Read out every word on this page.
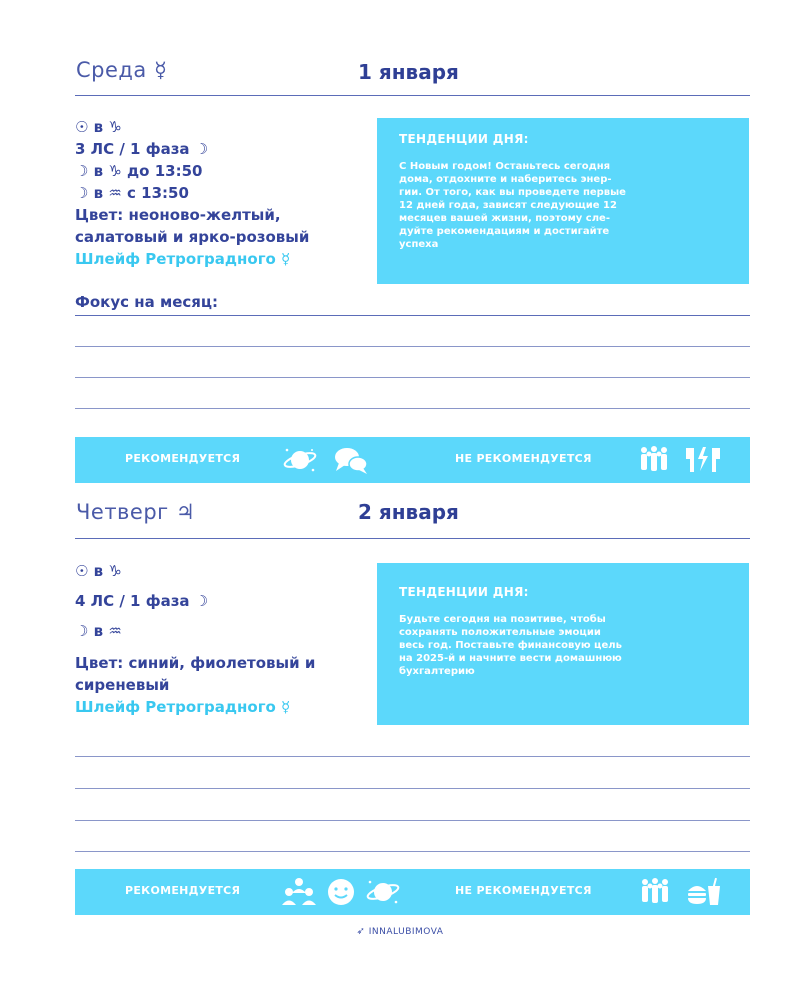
Среда ☿	1 января
☉ в ♑
3 ЛС / 1 фаза ☽
☽ в ♑ до 13:50
☽ в ♒ с 13:50
Цвет: неоново-желтый,
салатовый и ярко-розовый
Шлейф Ретроградного ☿
ТЕНДЕНЦИИ ДНЯ:
С Новым годом! Останьтесь сегодня
дома, отдохните и наберитесь энер-
гии. От того, как вы проведете первые
12 дней года, зависят следующие 12
месяцев вашей жизни, поэтому сле-
дуйте рекомендациям и достигайте
успеха
Фокус на месяц:
РЕКОМЕНДУЕТСЯ	НЕ РЕКОМЕНДУЕТСЯ
Четверг ♃	2 января
☉ в ♑
4 ЛС / 1 фаза ☽
☽ в ♒
Цвет: синий, фиолетовый и
сиреневый
Шлейф Ретроградного ☿
ТЕНДЕНЦИИ ДНЯ:
Будьте сегодня на позитиве, чтобы
сохранять положительные эмоции
весь год. Поставьте финансовую цель
на 2025-й и начните вести домашнюю
бухгалтерию
РЕКОМЕНДУЕТСЯ	НЕ РЕКОМЕНДУЕТСЯ
➶ INNALUBIMOVA
